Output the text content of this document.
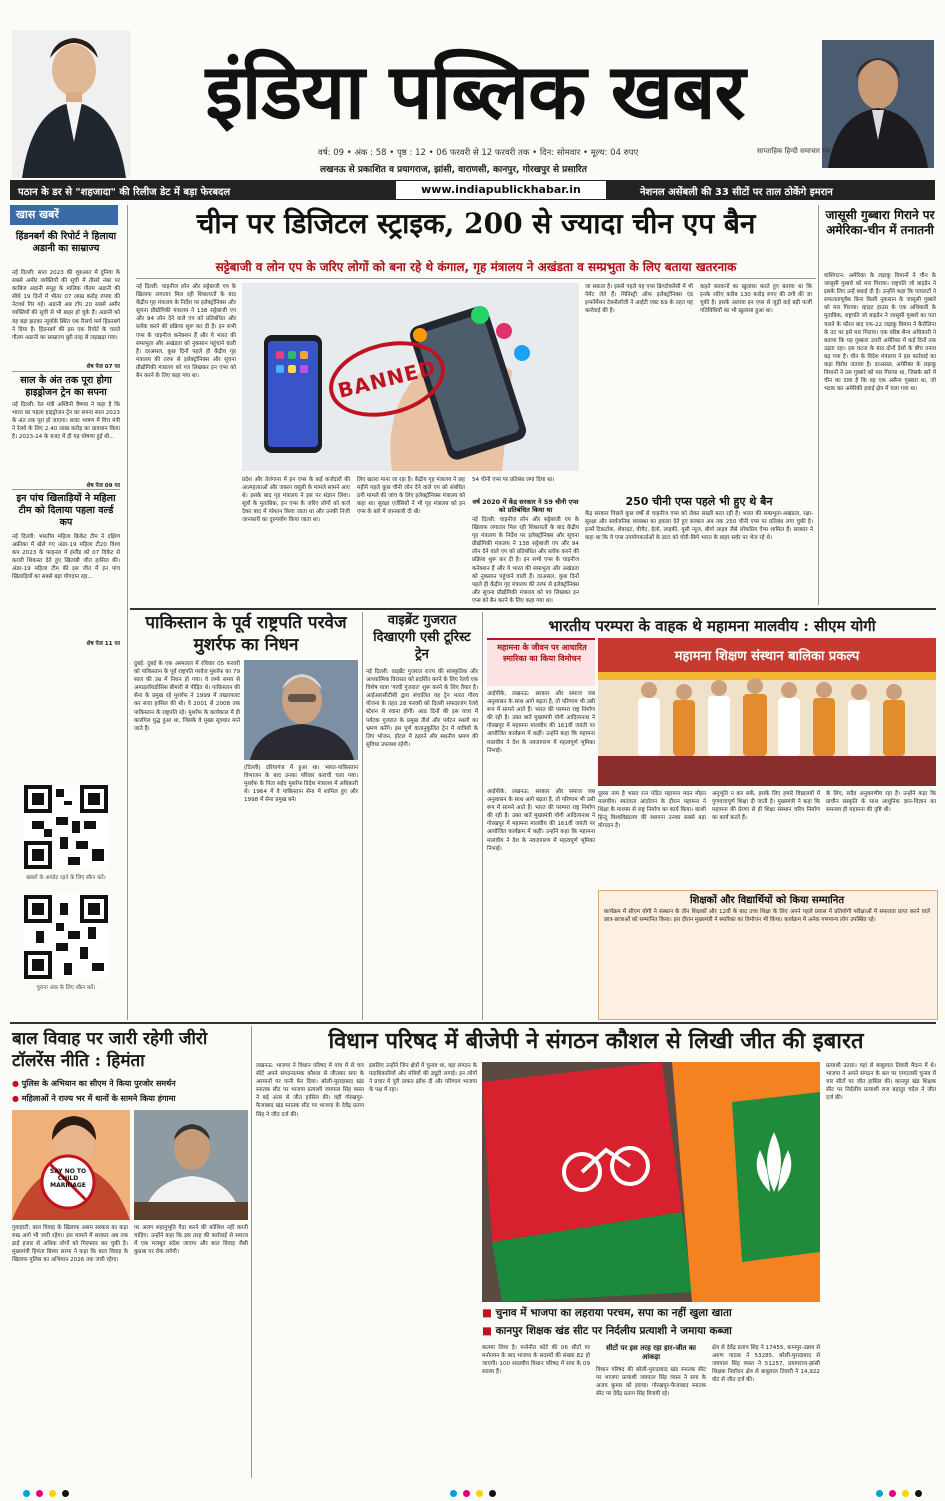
इंडिया पब्लिक खबर
वर्ष: 09 • अंक : 58 • पृष्ठ : 12 • 06 फरवरी से 12 फरवरी तक • दिन: सोमवार • मूल्य: 04 रुपए	साप्ताहिक हिन्दी समाचार पत्र
लखनऊ से प्रकाशित व प्रयागराज, झांसी, वाराणसी, कानपुर, गोरखपुर से प्रसारित
पठान के डर से "शहजादा" की रिलीज डेट में बड़ा फेरबदल	www.indiapublickhabar.in	नेशनल असेंबली की 33 सीटों पर ताल ठोकेंगे इमरान
खास खबरें
हिंडनबर्ग की रिपोर्ट ने हिलाया अडानी का साम्राज्य
नई दिल्ली: साल 2023 की शुरुआत में दुनिया के सबसे अमीर व्यक्तियों की सूची में तीसरे नंबर पर काबिज अडानी समूह के मालिक गौतम अडानी की सीधे 19 दिनों में भीतर 07 लाख करोड़ रुपया की नेटवर्थ गिर गई। अडानी अब टॉप 20 सबसे अमीर व्यक्तियों की सूची से भी बाहर हो चुके हैं। अडानी को यह बड़ा झटका न्यूयॉर्क स्थित एक रिसर्च फर्म हिंडनबर्ग ने दिया है। हिंडनबर्ग की इस एक रिपोर्ट के चलते गौतम अडानी का साम्राज्य बुरी तरह से लड़खड़ा गया।
शेष पेज 07 पर
साल के अंत तक पूरा होगा हाइड्रोजन ट्रेन का सपना
नई दिल्ली: रेल मंत्री अश्विनी वैष्णव ने कहा है कि भारत का पहला हाइड्रोजन ट्रेन का सपना साल 2023 के अंत तक पूरा हो जाएगा। बजट भाषण में वित्त मंत्री ने रेलवे के लिए 2.40 लाख करोड़ का प्रावधान किया है। 2023-24 के बजट में ही यह घोषणा हुई थी...
शेष पेज 09 पर
इन पांच खिलाड़ियों ने महिला टीम को दिलाया पहला वर्ल्ड कप
नई दिल्ली: भारतीय महिला क्रिकेट टीम ने दक्षिण अफ्रीका में खेले गए अंडर-19 महिला टी20 विश्व कप 2023 के फाइनल में इंग्लैंड को 07 विकेट से करारी शिकस्त देते हुए खिताबी जीत हासिल की। अंडर-19 महिला टीम की इस जीत में इन पांच खिलाड़ियों का सबसे बड़ा योगदान रहा...
शेष पेज 11 पर
खबरों के अपडेट रहने के लिए स्कैन करें।
पुराना अंक के लिए स्कैन करें।
चीन पर डिजिटल स्ट्राइक, 200 से ज्यादा चीन एप बैन
सट्टेबाजी व लोन एप के जरिए लोगों को बना रहे थे कंगाल, गृह मंत्रालय ने अखंडता व सम्प्रभुता के लिए बताया खतरनाक
नई दिल्ली: चाइनीज लोन और सट्टेबाजी एप के खिलाफ लगातार मिल रही शिकायतों के बाद केंद्रीय गृह मंत्रालय के निर्देश पर इलेक्ट्रॉनिक्स और सूचना प्रौद्योगिकी मंत्रालय ने 138 सट्टेबाजी एप और 94 लोन देने वाले एप को प्रतिबंधित और ब्लॉक करने की प्रक्रिया शुरू कर दी है। इन सभी एप्स के चाइनीज कनेक्शन हैं और ये भारत की सम्प्रभुता और अखंडता को नुकसान पहुंचाने वाली हैं। दरअसल, कुछ दिनों पहले ही केंद्रीय गृह मंत्रालय की तरफ से इलेक्ट्रॉनिक्स और सूचना प्रौद्योगिकी मंत्रालय को पत्र लिखकर इन एप्स को बैन करने के लिए कहा गया था।	BANNED
प्रदेश और तेलंगाना में इन एप्स के कई कर्जदारों की आत्महत्याओं और जबरन वसूली के मामले सामने आए थे। इसके बाद गृह मंत्रालय ने इस पर संज्ञान लिया। सूत्रों के मुताबिक, इन एप्स के जरिए लोगों को कर्ज देकर बाद में परेशान किया जाता था और उनकी निजी जानकारी का दुरुपयोग किया जाता था।
लिए खतरा माना जा रहा है। केंद्रीय गृह मंत्रालय ने छह महीने पहले कुछ चीनी लोन देने वाले एप को संबंधित ठगी मामले की जांच के लिए इलेक्ट्रॉनिक्स मंत्रालय को कहा था। सुरक्षा एजेंसियों ने भी गृह मंत्रालय को इन एप्स के बारे में जानकारी दी थी।
54 चीनी एप्स पर प्रतिबंध लगा दिया था।
वर्ष 2020 में केंद्र सरकार ने 59 चीनी एप्स को प्रतिबंधित किया था
नई दिल्ली: चाइनीज लोन और सट्टेबाजी एप के खिलाफ लगातार मिल रही शिकायतों के बाद केंद्रीय गृह मंत्रालय के निर्देश पर इलेक्ट्रॉनिक्स और सूचना प्रौद्योगिकी मंत्रालय ने 138 सट्टेबाजी एप और 94 लोन देने वाले एप को प्रतिबंधित और ब्लॉक करने की प्रक्रिया शुरू कर दी है। इन सभी एप्स के चाइनीज कनेक्शन हैं और ये भारत की सम्प्रभुता और अखंडता को नुकसान पहुंचाने वाली हैं। दरअसल, कुछ दिनों पहले ही केंद्रीय गृह मंत्रालय की तरफ से इलेक्ट्रॉनिक्स और सूचना प्रौद्योगिकी मंत्रालय को पत्र लिखकर इन एप्स को बैन करने के लिए कहा गया था।
जा सकता है। इससे पहले यह एप्स क्रिप्टोकरेंसी में भी पेमेंट लेते हैं। मिनिस्ट्री ऑफ इलेक्ट्रॉनिक्स एंड इन्फॉर्मेशन टेक्नोलॉजी ने आईटी एक्ट 69 के तहत यह कार्रवाई की है।
कहते करवानों का खुलासा करते हुए बताया था कि इनके जरिए करीब 130 करोड़ रुपए की ठगी की जा चुकी है। इसके अलावा इन एप्स से जुड़ी कई बड़ी फर्जी गतिविधियों का भी खुलासा हुआ था।
250 चीनी एप्स पहले भी हुए थे बैन
केंद्र सरकार पिछले कुछ वर्षों से चाइनीज एप्स को लेकर सख्ती बरत रही है। भारत की सम्प्रभुता-अखंडता, रक्षा-सुरक्षा और सार्वजनिक व्यवस्था का हवाला देते हुए सरकार अब तक 250 चीनी एप्स पर प्रतिबंध लगा चुकी है। इनमें टिकटॉक, शेयरइट, वीचैट, हेलो, लाइकी, यूसी न्यूज, बीगो लाइव जैसे लोकप्रिय ऐप्स शामिल हैं। सरकार ने कहा था कि ये एप्स उपयोगकर्ताओं के डाटा को चोरी-छिपे भारत के बाहर सर्वर पर भेज रहे थे।
जासूसी गुब्बारा गिराने पर अमेरिका-चीन में तनातनी
वाशिंगटन: अमेरिका के लड़ाकू विमानों ने चीन के जासूसी गुब्बारे को मार गिराया। राष्ट्रपति जो बाइडेन ने इसके लिए उन्हें बधाई दी है। उन्होंने कहा कि पायलटों ने सफलतापूर्वक बिना किसी नुकसान के जासूसी गुब्बारे को मार गिराया। व्हाइट हाउस के एक अधिकारी के मुताबिक, राष्ट्रपति जो बाइडेन ने जासूसी गुब्बारे का पता चलने के फौरन बाद एफ-22 लड़ाकू विमान ने कैरोलिना के तट पर इसे मार गिराया। एक वरिष्ठ सैन्य अधिकारी ने बताया कि यह गुब्बारा उत्तरी अमेरिका में कई दिनों तक उड़ता रहा। इस घटना के बाद दोनों देशों के बीच तनाव बढ़ गया है। चीन के विदेश मंत्रालय ने इस कार्रवाई का कड़ा विरोध जताया है। दरअसल, अमेरिका के लड़ाकू विमानों ने उस गुब्बारे को मार गिराया था, जिसके बारे में चीन का दावा है कि वह एक असैन्य गुब्बारा था, जो भटक कर अमेरिकी हवाई क्षेत्र में चला गया था।
पाकिस्तान के पूर्व राष्ट्रपति परवेज मुशर्रफ का निधन
दुबई: दुबई के एक अस्पताल में रविवार 05 फरवरी को पाकिस्तान के पूर्व राष्ट्रपति परवेज मुशर्रफ का 79 साल की उम्र में निधन हो गया। वे लम्बे समय से अमाइलॉयडोसिस बीमारी से पीड़ित थे। पाकिस्तान की सेना के प्रमुख रहे मुशर्रफ ने 1999 में तख्तापलट कर सत्ता हासिल की थी। वे 2001 से 2008 तक पाकिस्तान के राष्ट्रपति रहे। मुशर्रफ के कार्यकाल में ही कारगिल युद्ध हुआ था, जिसके वे मुख्य सूत्रधार माने जाते हैं।
(दिल्ली) दरियागंज में हुआ था। भारत-पाकिस्तान विभाजन के बाद उनका परिवार कराची चला गया। मुशर्रफ के पिता सईद मुशर्रफ विदेश मंत्रालय में अधिकारी थे। 1964 में वे पाकिस्तान सेना में शामिल हुए और 1998 में सेना प्रमुख बने।
वाइब्रेंट गुजरात दिखाएगी एसी टूरिस्ट ट्रेन
नई दिल्ली: वाइब्रेंट गुजरात राज्य की सांस्कृतिक और आध्यात्मिक विरासत को प्रदर्शित करने के लिए रेलवे एक विशेष यात्रा 'गरवी गुजरात' शुरू करने के लिए तैयार है। आईआरसीटीसी द्वारा संचालित यह ट्रेन भारत गौरव योजना के तहत 28 फरवरी को दिल्ली सफदरजंग रेलवे स्टेशन से रवाना होगी। आठ दिनों की इस यात्रा में पर्यटक गुजरात के प्रमुख तीर्थ और पर्यटन स्थलों का भ्रमण करेंगे। इस पूर्ण वातानुकूलित ट्रेन में यात्रियों के लिए भोजन, होटल में ठहरने और स्थानीय भ्रमण की सुविधा उपलब्ध रहेगी।
भारतीय परम्परा के वाहक थे महामना मालवीय : सीएम योगी
महामना के जीवन पर आधारित स्मारिका का किया विमोचन
आईपीके, लखनऊ: सरकार और समाज जब अनुशासन के साथ आगे बढ़ता है, तो परिणाम भी उसी रूप में सामने आते हैं। भारत की परम्परा राष्ट्र निर्माण की रही है। उक्त बातें मुख्यमंत्री योगी आदित्यनाथ ने गोरखपुर में महामना मालवीय की 161वीं जयंती पर आयोजित कार्यक्रम में कहीं। उन्होंने कहा कि महामना मालवीय ने देश के नवजागरण में महत्वपूर्ण भूमिका निभाई।
महामना शिक्षण संस्थान बालिका प्रकल्प
दूसरा नाम है भारत रत्न पंडित महामना मदन मोहन मालवीय। स्वतंत्रता आंदोलन के दौरान महामना ने शिक्षा के माध्यम से राष्ट्र निर्माण का कार्य किया। काशी हिन्दू विश्वविद्यालय की स्थापना उनका सबसे बड़ा योगदान है।
अनुभूति न कर सकें, इसके लिए हमारे विद्यालयों में गुणवत्तापूर्ण शिक्षा दी जाती है। मुख्यमंत्री ने कहा कि महामना की प्रेरणा से ही शिक्षा संस्थान चरित्र निर्माण का कार्य करते हैं।
के लिए, सदैव अनुकरणीय रहा है। उन्होंने कहा कि प्राचीन संस्कृति के साथ आधुनिक ज्ञान-विज्ञान का समन्वय ही महामना की दृष्टि थी।
शिक्षकों और विद्यार्थियों को किया सम्मानित
कार्यक्रम में सीएम योगी ने संस्थान के तीन शिक्षकों और 12वीं के बाद उच्च शिक्षा के लिए अपने पहले प्रयास में प्रतियोगी परीक्षाओं में सफलता प्राप्त करने वाले छात्र-छात्राओं को सम्मानित किया। इस दौरान मुख्यमंत्री ने स्मारिका का विमोचन भी किया। कार्यक्रम में अनेक गणमान्य लोग उपस्थित रहे।
आईपीके, लखनऊ: सरकार और समाज जब अनुशासन के साथ आगे बढ़ता है, तो परिणाम भी उसी रूप में सामने आते हैं। भारत की परम्परा राष्ट्र निर्माण की रही है। उक्त बातें मुख्यमंत्री योगी आदित्यनाथ ने गोरखपुर में महामना मालवीय की 161वीं जयंती पर आयोजित कार्यक्रम में कहीं। उन्होंने कहा कि महामना मालवीय ने देश के नवजागरण में महत्वपूर्ण भूमिका निभाई।
बाल विवाह पर जारी रहेगी जीरो टॉलरेंस नीति : हिमंता
● पुलिस के अभियान का सीएम ने किया पुरजोर समर्थन
● महिलाओं ने राज्य भर में थानों के सामने किया हंगामा
SAY NO TO CHILD MARRIAGE
गुवाहाटी: बाल विवाह के खिलाफ असम सरकार का कड़ा रुख आगे भी जारी रहेगा। इस मामले में सरकार अब तक ढाई हजार से अधिक लोगों को गिरफ्तार कर चुकी है। मुख्यमंत्री हिमंता बिस्वा सरमा ने कहा कि बाल विवाह के खिलाफ पुलिस का अभियान 2026 तक जारी रहेगा।
पर अलग सहानुभूति पैदा करने की कोशिश नहीं करनी चाहिए। उन्होंने कहा कि इस तरह की कार्रवाई से समाज में एक मजबूत संदेश जाएगा और बाल विवाह जैसी कुप्रथा पर रोक लगेगी।
विधान परिषद में बीजेपी ने संगठन कौशल से लिखी जीत की इबारत
लखनऊ: भाजपा ने विधान परिषद में पांच में से चार सीटें अपने संगठनात्मक कौशल से जीतकर सपा के अरमानों पर पानी फेर दिया। बरेली-मुरादाबाद खंड स्नातक सीट पर भाजपा प्रत्याशी जयपाल सिंह व्यस्त ने बड़े अंतर से जीत हासिल की। वहीं गोरखपुर-फैजाबाद खंड स्नातक सीट पर भाजपा के देवेंद्र प्रताप सिंह ने जीत दर्ज की।
इसलिए उन्होंने जिन क्षेत्रों में चुनाव था, वहां संगठन के पदाधिकारियों और मंत्रियों की ड्यूटी लगाई। इन लोगों ने प्रचार में पूरी ताकत झोंक दी और परिणाम भाजपा के पक्ष में रहा।
प्रत्याशी उतारा। यहां से बाबूलाल तिवारी मैदान में थे। भाजपा ने अपने संगठन के बल पर एमएलसी चुनाव में चार सीटों पर जीत हासिल की। कानपुर खंड शिक्षक सीट पर निर्दलीय प्रत्याशी राज बहादुर चंदेल ने जीत दर्ज की।
■ चुनाव में भाजपा का लहराया परचम, सपा का नहीं खुला खाता
■ कानपुर शिक्षक खंड सीट पर निर्दलीय प्रत्याशी ने जमाया कब्जा
कलमा लिया है। मनोनीत कोटे की 06 सीटों पर मनोनयन के बाद भाजपा के सदस्यों की संख्या 82 हो जाएगी। 100 सदस्यीय विधान परिषद में सपा के 09 सदस्य हैं।
सीटों पर इस तरह रहा हार-जीत का आंकड़ा
विधान परिषद की बरेली-मुरादाबाद खंड स्नातक सीट पर भाजपा प्रत्याशी जयपाल सिंह व्यस्त ने सपा के अजय कुमार को हराया। गोरखपुर-फैजाबाद स्नातक सीट पर देवेंद्र प्रताप सिंह विजयी रहे।
क्षेत्र से देवेंद्र प्रताप सिंह ने 17455, कानपुर-उन्नाव से अरुण पाठक ने 53285, बरेली-मुरादाबाद से जयपाल सिंह व्यस्त ने 51257, प्रयागराज-झांसी शिक्षक निर्वाचन क्षेत्र से बाबूलाल तिवारी ने 14,922 वोट से जीत दर्ज की।
